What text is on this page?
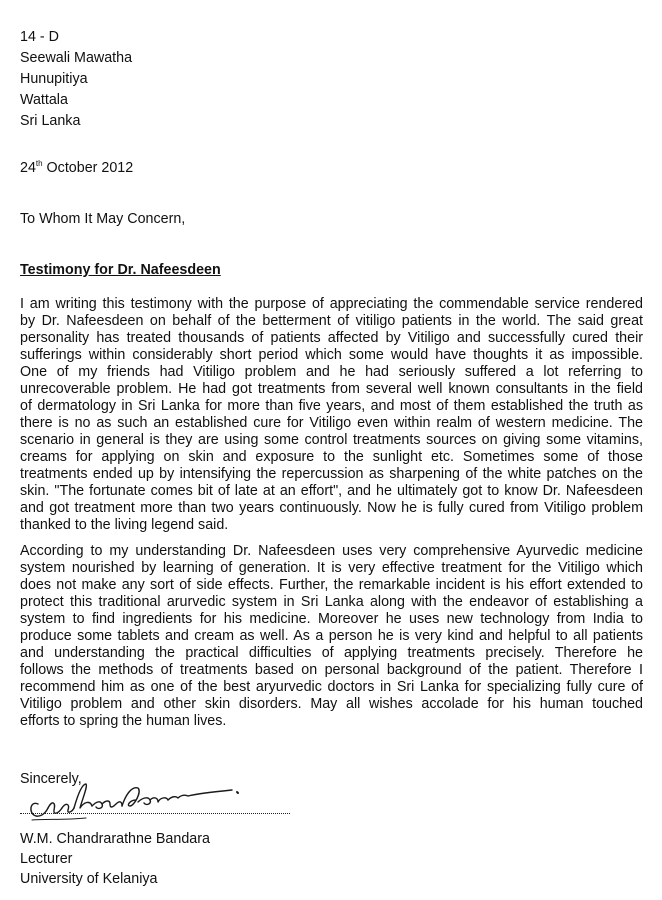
14 - D
Seewali Mawatha
Hunupitiya
Wattala
Sri Lanka
24th October 2012
To Whom It May Concern,
Testimony for Dr. Nafeesdeen
I am writing this testimony with the purpose of appreciating the commendable service rendered
by Dr. Nafeesdeen on behalf of the betterment of vitiligo patients in the world. The said great
personality has treated thousands of patients affected by Vitiligo and successfully cured their
sufferings within considerably short period which some would have thoughts it as impossible.
One of my friends had Vitiligo problem and he had seriously suffered a lot referring to
unrecoverable problem. He had got treatments from several well known consultants in the field
of dermatology in Sri Lanka for more than five years, and most of them established the truth as
there is no as such an established cure for Vitiligo even within realm of western medicine. The
scenario in general is they are using some control treatments sources on giving some vitamins,
creams for applying on skin and exposure to the sunlight etc. Sometimes some of those
treatments ended up by intensifying the repercussion as sharpening of the white patches on the
skin. "The fortunate comes bit of late at an effort", and he ultimately got to know Dr. Nafeesdeen
and got treatment more than two years continuously. Now he is fully cured from Vitiligo problem
thanked to the living legend said.
According to my understanding Dr. Nafeesdeen uses very comprehensive Ayurvedic medicine
system nourished by learning of generation. It is very effective treatment for the Vitiligo which
does not make any sort of side effects. Further, the remarkable incident is his effort extended to
protect this traditional arurvedic system in Sri Lanka along with the endeavor of establishing a
system to find ingredients for his medicine. Moreover he uses new technology from India to
produce some tablets and cream as well. As a person he is very kind and helpful to all patients
and understanding the practical difficulties of applying treatments precisely. Therefore he
follows the methods of treatments based on personal background of the patient. Therefore I
recommend him as one of the best aryurvedic doctors in Sri Lanka for specializing fully cure of
Vitiligo problem and other skin disorders. May all wishes accolade for his human touched
efforts to spring the human lives.
Sincerely,
W.M. Chandrarathne Bandara
Lecturer
University of Kelaniya
